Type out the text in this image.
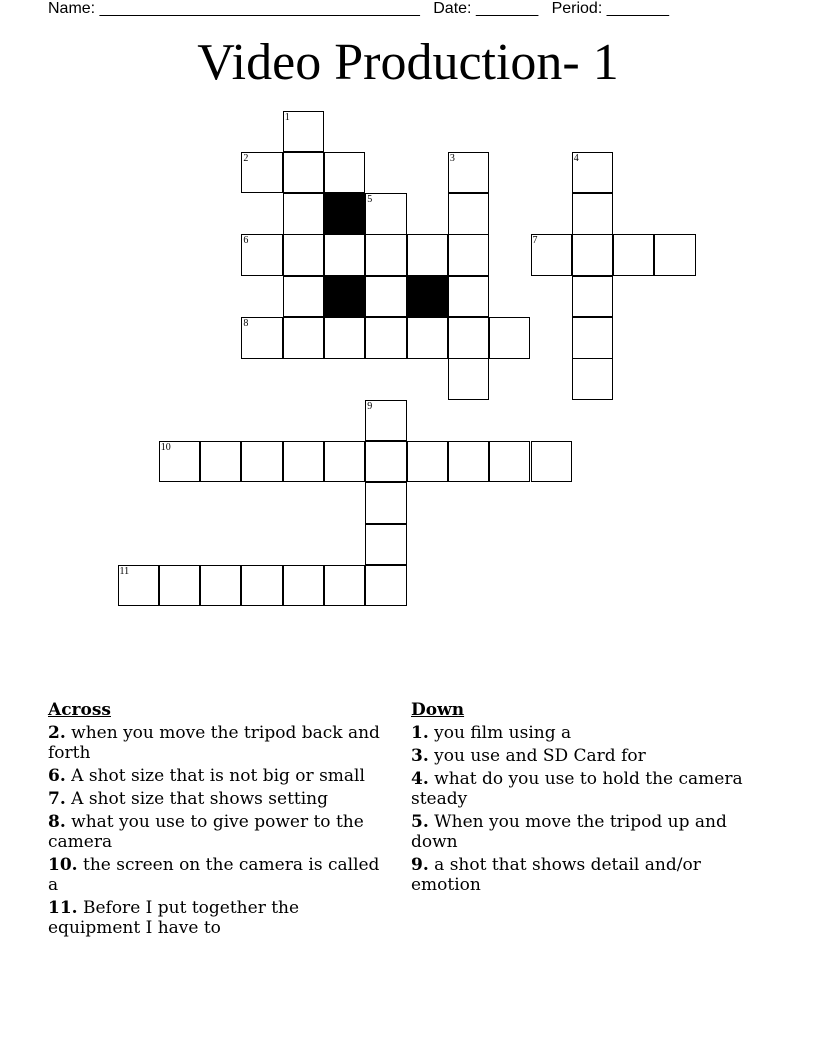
Name: ____________________________________   Date: _______   Period: _______
Video Production- 1
1
2	3	4
5
6	7
8
9
10
11
Across
2. when you move the tripod back and forth
6. A shot size that is not big or small
7. A shot size that shows setting
8. what you use to give power to the camera
10. the screen on the camera is called a
11. Before I put together the equipment I have to
Down
1. you film using a
3. you use and SD Card for
4. what do you use to hold the camera steady
5. When you move the tripod up and down
9. a shot that shows detail and/or emotion
